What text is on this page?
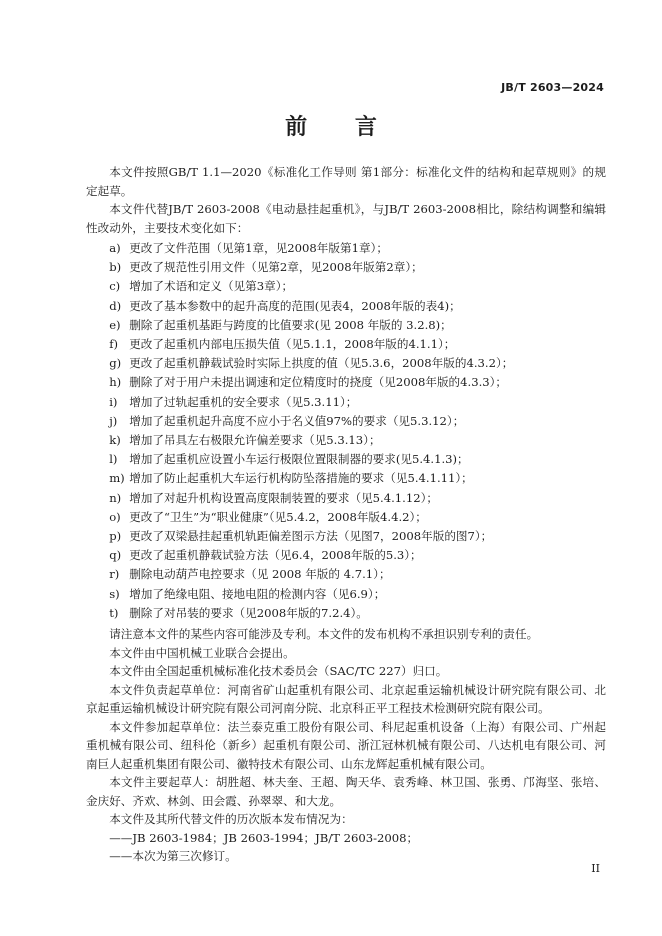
JB/T 2603—2024
前 言

本文件按照GB/T 1.1—2020《标准化工作导则 第1部分：标准化文件的结构和起草规则》的规定起草。

本文件代替JB/T 2603-2008《电动悬挂起重机》，与JB/T 2603-2008相比，除结构调整和编辑性改动外，主要技术变化如下：

a) 更改了文件范围（见第1章，见2008年版第1章）；
b) 更改了规范性引用文件（见第2章，见2008年版第2章）；
c) 增加了术语和定义（见第3章）；
d) 更改了基本参数中的起升高度的范围(见表4，2008年版的表4)；
e) 删除了起重机基距与跨度的比值要求(见 2008 年版的 3.2.8)；
f) 更改了起重机内部电压损失值（见5.1.1，2008年版的4.1.1）；
g) 更改了起重机静载试验时实际上拱度的值（见5.3.6，2008年版的4.3.2）；
h) 删除了对于用户未提出调速和定位精度时的挠度（见2008年版的4.3.3）；
i) 增加了过轨起重机的安全要求（见5.3.11）；
j) 增加了起重机起升高度不应小于名义值97%的要求（见5.3.12）；
k) 增加了吊具左右极限允许偏差要求（见5.3.13）；
l) 增加了起重机应设置小车运行极限位置限制器的要求(见5.4.1.3)；
m) 增加了防止起重机大车运行机构防坠落措施的要求（见5.4.1.11）；
n) 增加了对起升机构设置高度限制装置的要求（见5.4.1.12）；
o) 更改了“卫生”为“职业健康”（见5.4.2，2008年版4.4.2）；
p) 更改了双梁悬挂起重机轨距偏差图示方法（见图7，2008年版的图7）；
q) 更改了起重机静载试验方法（见6.4，2008年版的5.3）；
r) 删除电动葫芦电控要求（见 2008 年版的 4.7.1）；
s) 增加了绝缘电阻、接地电阻的检测内容（见6.9）；
t) 删除了对吊装的要求（见2008年版的7.2.4）。

请注意本文件的某些内容可能涉及专利。本文件的发布机构不承担识别专利的责任。

本文件由中国机械工业联合会提出。

本文件由全国起重机械标准化技术委员会（SAC/TC 227）归口。

本文件负责起草单位：河南省矿山起重机有限公司、北京起重运输机械设计研究院有限公司、北京起重运输机械设计研究院有限公司河南分院、北京科正平工程技术检测研究院有限公司。

本文件参加起草单位：法兰泰克重工股份有限公司、科尼起重机设备（上海）有限公司、广州起重机械有限公司、纽科伦（新乡）起重机有限公司、浙江冠林机械有限公司、八达机电有限公司、河南巨人起重机集团有限公司、徽特技术有限公司、山东龙辉起重机械有限公司。

本文件主要起草人：胡胜超、林夫奎、王超、陶天华、袁秀峰、林卫国、张勇、邝海坚、张培、金庆好、齐欢、林剑、田会霞、孙翠翠、和大龙。

本文件及其所代替文件的历次版本发布情况为：

——JB 2603-1984；JB 2603-1994；JB/T 2603-2008；
——本次为第三次修订。
II
